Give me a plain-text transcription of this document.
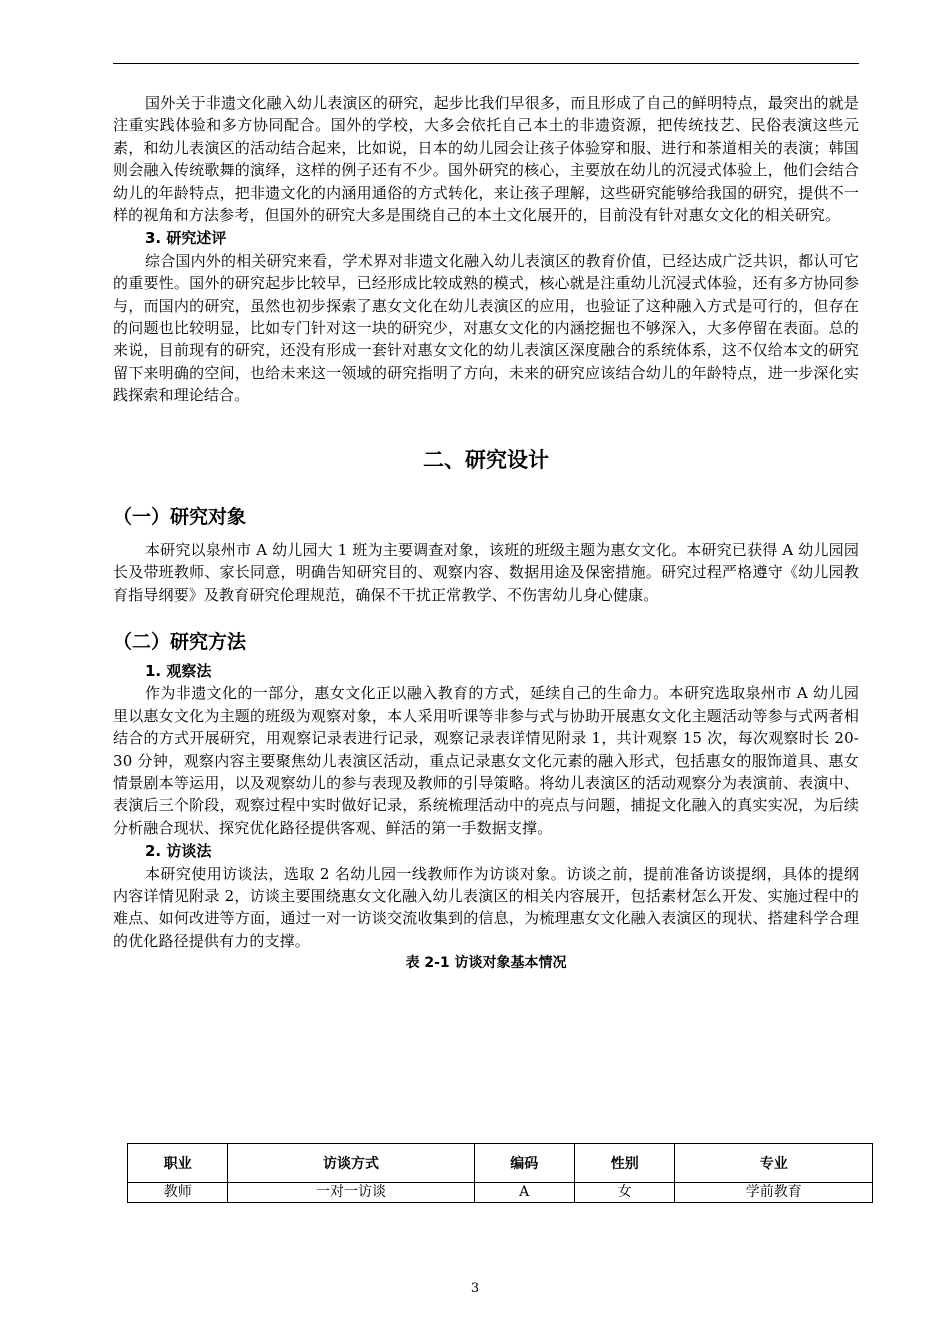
国外关于非遗文化融入幼儿表演区的研究，起步比我们早很多，而且形成了自己的鲜明特点，最突出的就是注重实践体验和多方协同配合。国外的学校，大多会依托自己本土的非遗资源，把传统技艺、民俗表演这些元素，和幼儿表演区的活动结合起来，比如说，日本的幼儿园会让孩子体验穿和服、进行和茶道相关的表演；韩国则会融入传统歌舞的演绎，这样的例子还有不少。国外研究的核心，主要放在幼儿的沉浸式体验上，他们会结合幼儿的年龄特点，把非遗文化的内涵用通俗的方式转化，来让孩子理解，这些研究能够给我国的研究，提供不一样的视角和方法参考，但国外的研究大多是围绕自己的本土文化展开的，目前没有针对惠女文化的相关研究。

3. 研究述评

综合国内外的相关研究来看，学术界对非遗文化融入幼儿表演区的教育价值，已经达成广泛共识，都认可它的重要性。国外的研究起步比较早，已经形成比较成熟的模式，核心就是注重幼儿沉浸式体验，还有多方协同参与，而国内的研究，虽然也初步探索了惠女文化在幼儿表演区的应用，也验证了这种融入方式是可行的，但存在的问题也比较明显，比如专门针对这一块的研究少，对惠女文化的内涵挖掘也不够深入，大多停留在表面。总的来说，目前现有的研究，还没有形成一套针对惠女文化的幼儿表演区深度融合的系统体系，这不仅给本文的研究留下来明确的空间，也给未来这一领域的研究指明了方向，未来的研究应该结合幼儿的年龄特点，进一步深化实践探索和理论结合。

二、研究设计
（一）研究对象

本研究以泉州市 A 幼儿园大 1 班为主要调查对象，该班的班级主题为惠女文化。本研究已获得 A 幼儿园园长及带班教师、家长同意，明确告知研究目的、观察内容、数据用途及保密措施。研究过程严格遵守《幼儿园教育指导纲要》及教育研究伦理规范，确保不干扰正常教学、不伤害幼儿身心健康。

（二）研究方法
1. 观察法

作为非遗文化的一部分，惠女文化正以融入教育的方式，延续自己的生命力。本研究选取泉州市 A 幼儿园里以惠女文化为主题的班级为观察对象，本人采用听课等非参与式与协助开展惠女文化主题活动等参与式两者相结合的方式开展研究，用观察记录表进行记录，观察记录表详情见附录 1，共计观察 15 次，每次观察时长 20-30 分钟，观察内容主要聚焦幼儿表演区活动，重点记录惠女文化元素的融入形式，包括惠女的服饰道具、惠女情景剧本等运用，以及观察幼儿的参与表现及教师的引导策略。将幼儿表演区的活动观察分为表演前、表演中、表演后三个阶段，观察过程中实时做好记录，系统梳理活动中的亮点与问题，捕捉文化融入的真实实况，为后续分析融合现状、探究优化路径提供客观、鲜活的第一手数据支撑。

2. 访谈法

本研究使用访谈法，选取 2 名幼儿园一线教师作为访谈对象。访谈之前，提前准备访谈提纲，具体的提纲内容详情见附录 2，访谈主要围绕惠女文化融入幼儿表演区的相关内容展开，包括素材怎么开发、实施过程中的难点、如何改进等方面，通过一对一访谈交流收集到的信息，为梳理惠女文化融入表演区的现状、搭建科学合理的优化路径提供有力的支撑。

表 2-1 访谈对象基本情况
职业	访谈方式	编码	性别	专业
教师	一对一访谈	A	女	学前教育
3
